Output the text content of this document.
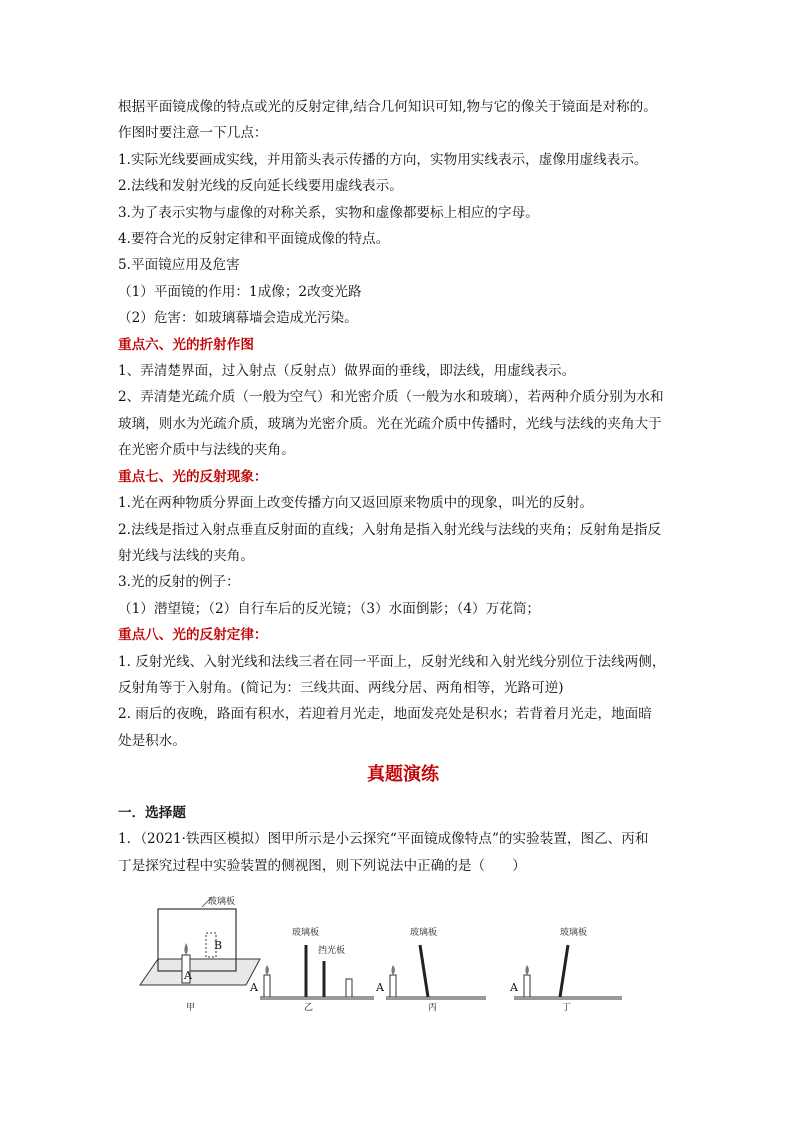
根据平面镜成像的特点或光的反射定律,结合几何知识可知,物与它的像关于镜面是对称的。
作图时要注意一下几点：
1.实际光线要画成实线，并用箭头表示传播的方向，实物用实线表示，虚像用虚线表示。
2.法线和发射光线的反向延长线要用虚线表示。
3.为了表示实物与虚像的对称关系，实物和虚像都要标上相应的字母。
4.要符合光的反射定律和平面镜成像的特点。
5.平面镜应用及危害
（1）平面镜的作用：1成像；2改变光路
（2）危害：如玻璃幕墙会造成光污染。
重点六、光的折射作图
1、弄清楚界面，过入射点（反射点）做界面的垂线，即法线，用虚线表示。
2、弄清楚光疏介质（一般为空气）和光密介质（一般为水和玻璃），若两种介质分别为水和
玻璃，则水为光疏介质，玻璃为光密介质。光在光疏介质中传播时，光线与法线的夹角大于
在光密介质中与法线的夹角。
重点七、光的反射现象：
1.光在两种物质分界面上改变传播方向又返回原来物质中的现象，叫光的反射。
2.法线是指过入射点垂直反射面的直线；入射角是指入射光线与法线的夹角；反射角是指反
射光线与法线的夹角。
3.光的反射的例子：
（1）潜望镜；（2）自行车后的反光镜；（3）水面倒影；（4）万花筒；
重点八、光的反射定律：
1. 反射光线、入射光线和法线三者在同一平面上，反射光线和入射光线分别位于法线两侧，
反射角等于入射角。(简记为：三线共面、两线分居、两角相等，光路可逆)
2. 雨后的夜晚，路面有积水，若迎着月光走，地面发亮处是积水；若背着月光走，地面暗
处是积水。
真题演练
一．选择题
1．（2021·铁西区模拟）图甲所示是小云探究“平面镜成像特点”的实验装置，图乙、丙和
丁是探究过程中实验装置的侧视图，则下列说法中正确的是（　　）
玻璃板
B
A
甲
A
玻璃板
挡光板
乙
A
玻璃板
丙
A
玻璃板
丁
